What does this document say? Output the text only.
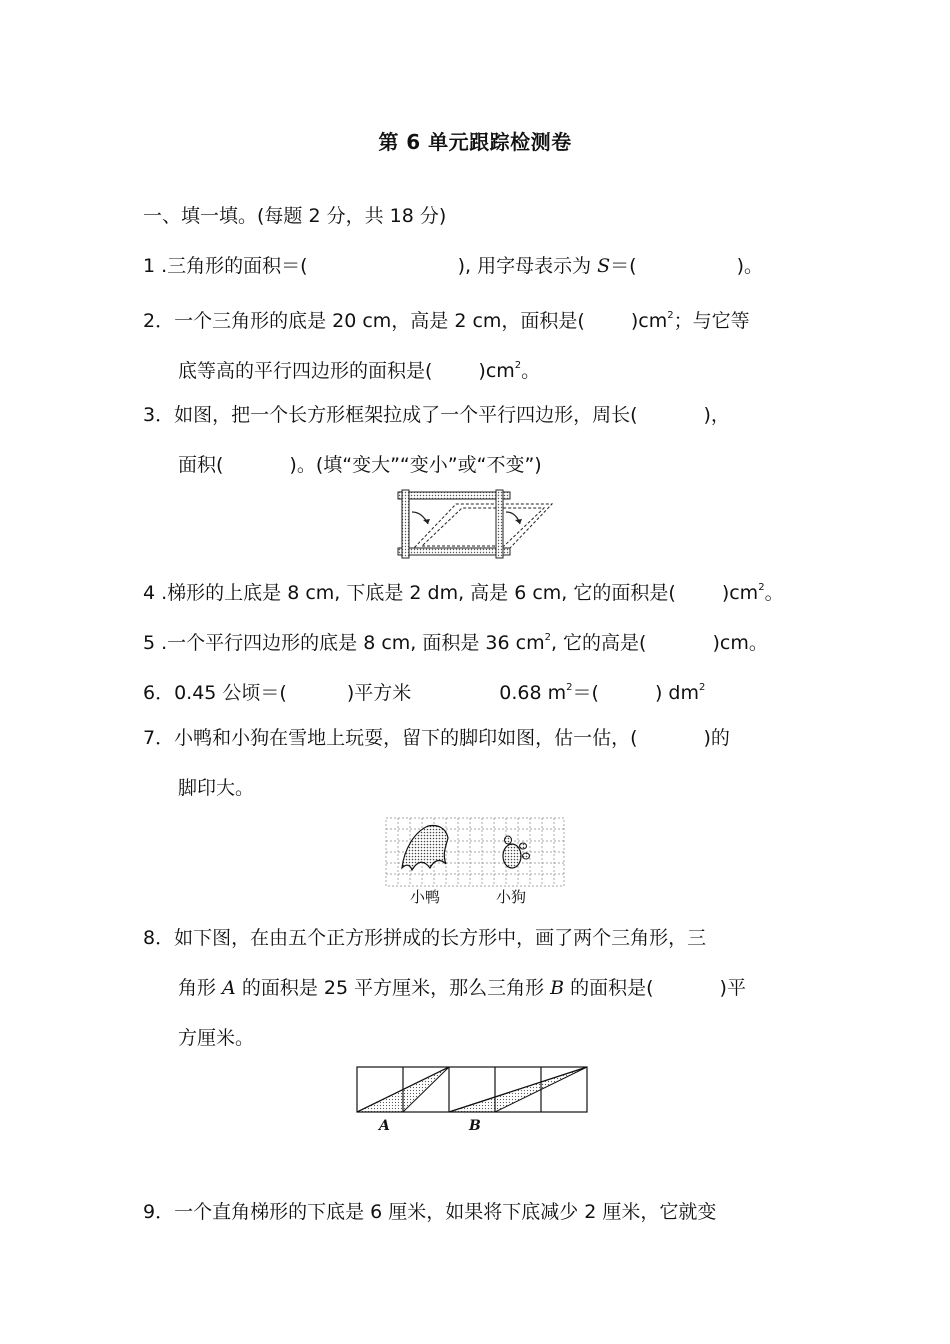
第 6 单元跟踪检测卷
一、填一填。(每题 2 分，共 18 分)
1 .三角形的面积＝(	), 用字母表示为 S＝(	)。
2．一个三角形的底是 20 cm，高是 2 cm，面积是( )$cm^2$；与它等
底等高的平行四边形的面积是( )$cm^2$。
3．如图，把一个长方形框架拉成了一个平行四边形，周长(	)，
面积(	)。(填“变大”“变小”或“不变”)
4 .梯形的上底是 8 cm, 下底是 2 dm, 高是 6 cm, 它的面积是( )$cm^2$。
5 .一个平行四边形的底是 8 cm, 面积是 36 $cm^2$, 它的高是(	)cm。
6．0.45 公顷＝(	)平方米	0.68 $m^2=$(	) $dm^2$
7．小鸭和小狗在雪地上玩耍，留下的脚印如图，估一估，(	)的
脚印大。
小鸭	小狗
8．如下图，在由五个正方形拼成的长方形中，画了两个三角形，三
角形 A 的面积是 25 平方厘米，那么三角形 B 的面积是(	)平
方厘米。
A	B
9．一个直角梯形的下底是 6 厘米，如果将下底减少 2 厘米，它就变
